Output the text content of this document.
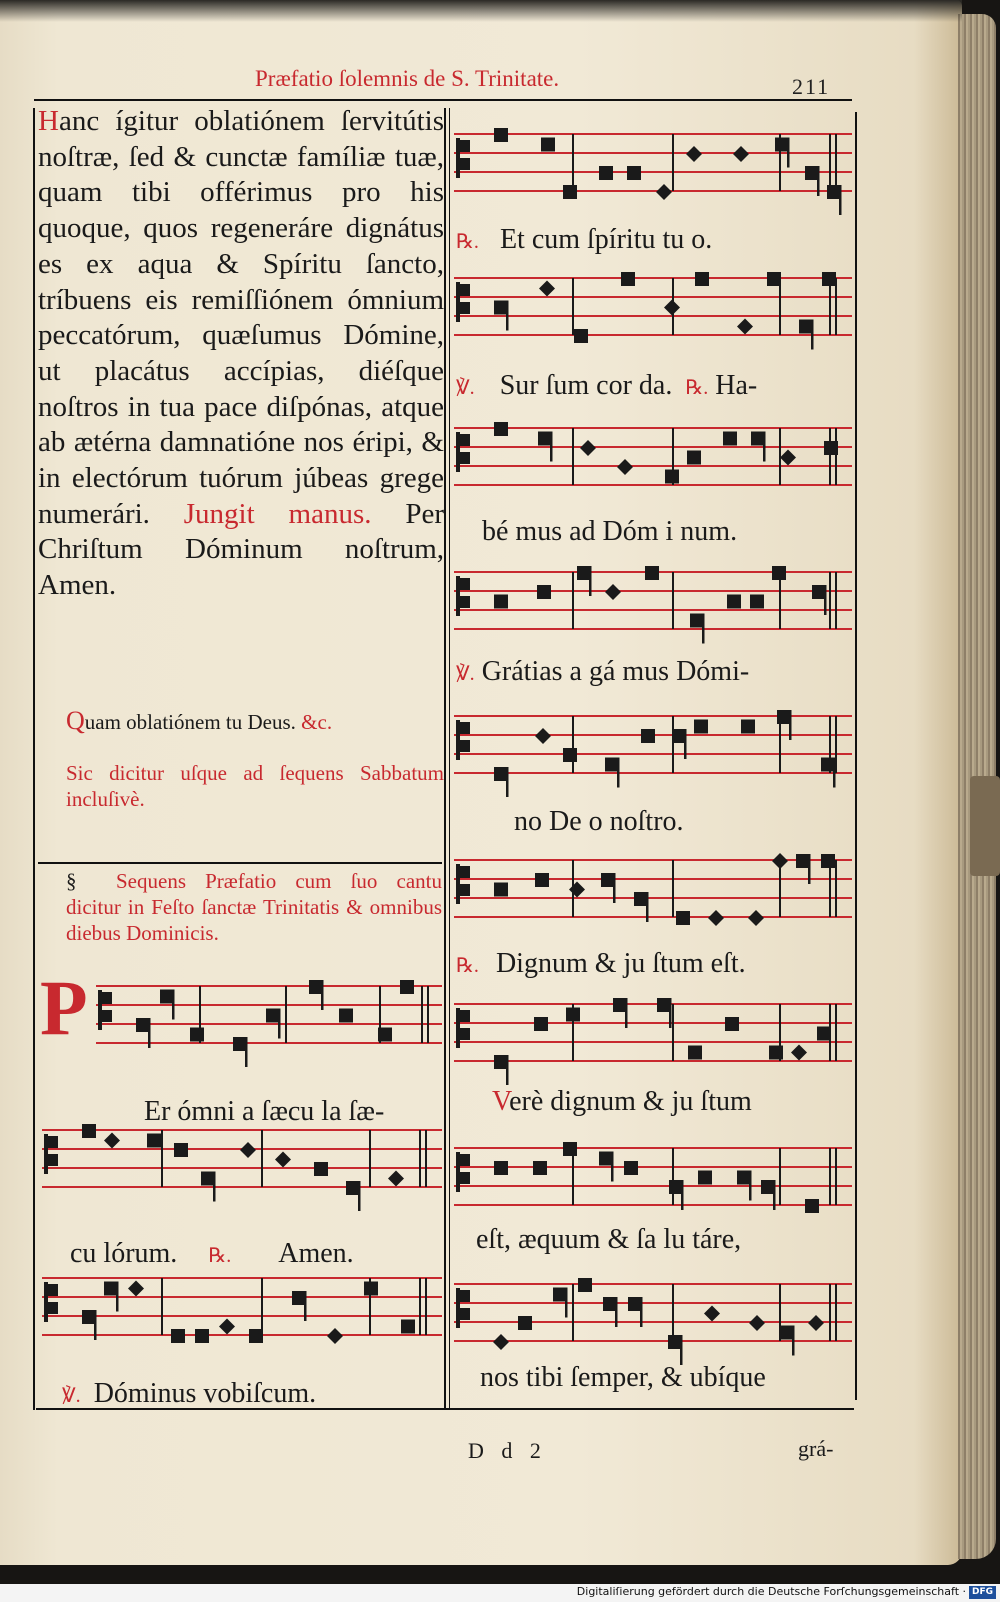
Præfatio ſolemnis de S. Trinitate.	211
Hanc ígitur oblatiónem ſervitútis noſtræ, ſed & cunctæ famíliæ tuæ, quam tibi offérimus pro his quoque, quos regeneráre dignátus es ex aqua & Spíritu ſancto, tríbuens eis remiſſiónem ómnium peccatórum, quæſumus Dómine, ut placátus accípias, diéſque noſtros in tua pace diſpónas, atque ab ætérna damnatióne nos éripi, & in electórum tuórum júbeas grege numerári. Jungit manus. Per Chriſtum Dóminum noſtrum, Amen.
Quam oblatiónem tu Deus. &c.
Sic dicitur uſque ad ſequens Sabbatum incluſivè.
§	Sequens Præfatio cum ſuo cantu dicitur in Feſto ſanctæ Trinitatis & omnibus diebus Dominicis.
P
Er ómni a ſæcu la ſæ-
cu lórum. ℞. Amen.
℣. Dóminus vobiſcum.
℞. Et cum ſpíritu tu o.
℣. Sur ſum cor da. ℞. Ha-
bé mus ad Dóm i num.
℣. Grátias a gá mus Dómi-
no De o noſtro.
℞. Dignum & ju ſtum eſt.
Verè dignum & ju ſtum
eſt, æquum & ſa lu táre,
nos tibi ſemper, & ubíque
D d 2	grá-
Digitaliſierung gefördert durch die Deutsche Forſchungsgemeinschaft · DFG
